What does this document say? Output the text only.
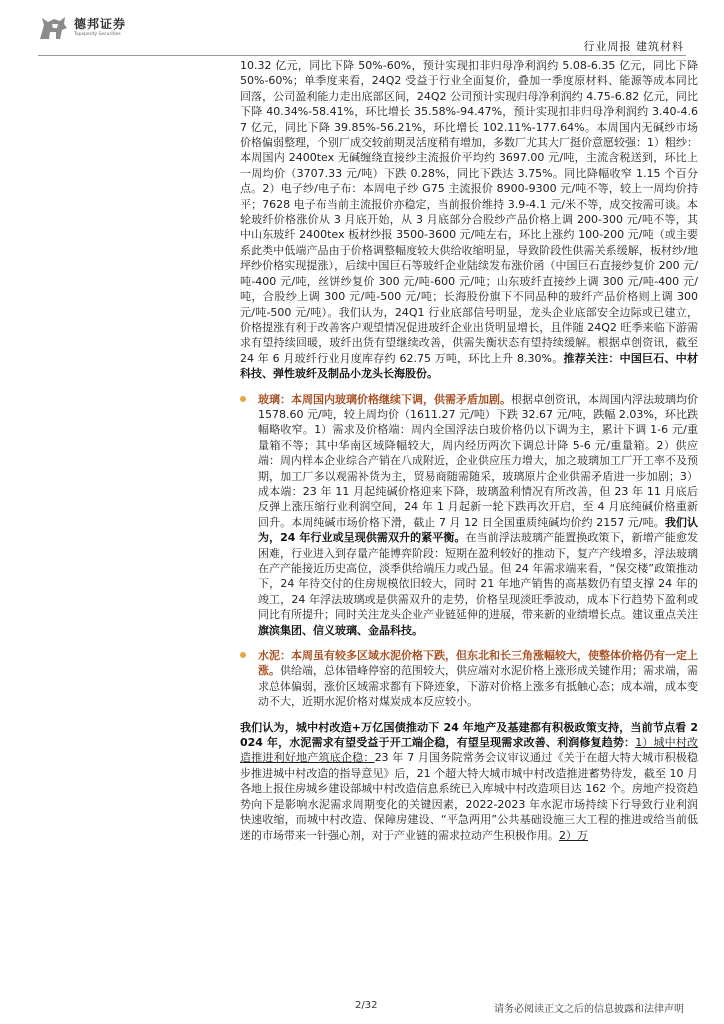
德邦证券
Topsperity Securities
行业周报 建筑材料

10.32 亿元，同比下降 50%-60%，预计实现扣非归母净利润约 5.08-6.35 亿元，同比下降 50%-60%；单季度来看，24Q2 受益于行业全面复价，叠加一季度原材料、能源等成本同比回落，公司盈利能力走出底部区间，24Q2 公司预计实现归母净利润约 4.75-6.82 亿元，同比下降 40.34%-58.41%，环比增长 35.58%-94.47%，预计实现扣非归母净利润约 3.40-4.67 亿元，同比下降 39.85%-56.21%，环比增长 102.11%-177.64%。本周国内无碱纱市场价格偏弱整理，个别厂成交较前期灵活度稍有增加，多数厂尤其大厂挺价意愿较强：1）粗纱：本周国内 2400tex 无碱缠绕直接纱主流报价平均约 3697.00 元/吨，主流含税送到，环比上一周均价（3707.33 元/吨）下跌 0.28%，同比下跌达 3.75%。同比降幅收窄 1.15 个百分点。2）电子纱/电子布：本周电子纱 G75 主流报价 8900-9300 元/吨不等，较上一周均价持平；7628 电子布当前主流报价亦稳定，当前报价维持 3.9-4.1 元/米不等，成交按需可谈。本轮玻纤价格涨价从 3 月底开始，从 3 月底部分合股纱产品价格上调 200-300 元/吨不等，其中山东玻纤 2400tex 板材纱报 3500-3600 元/吨左右，环比上涨约 100-200 元/吨（或主要系此类中低端产品由于价格调整幅度较大供给收缩明显，导致阶段性供需关系缓解，板材纱/地坪纱价格实现提涨），后续中国巨石等玻纤企业陆续发布涨价函（中国巨石直接纱复价 200 元/吨-400 元/吨，丝饼纱复价 300 元/吨-600 元/吨；山东玻纤直接纱上调 300 元/吨-400 元/吨，合股纱上调 300 元/吨-500 元/吨；长海股份旗下不同品种的玻纤产品价格则上调 300 元/吨-500 元/吨）。我们认为，24Q1 行业底部信号明显，龙头企业底部安全边际或已建立，价格提涨有利于改善客户观望情况促进玻纤企业出货明显增长，且伴随 24Q2 旺季来临下游需求有望持续回暖，玻纤出货有望继续改善，供需失衡状态有望持续缓解。根据卓创资讯，截至 24 年 6 月玻纤行业月度库存约 62.75 万吨，环比上升 8.30%。推荐关注：中国巨石、中材科技、弹性玻纤及制品小龙头长海股份。

玻璃：本周国内玻璃价格继续下调，供需矛盾加剧。根据卓创资讯，本周国内浮法玻璃均价 1578.60 元/吨，较上周均价（1611.27 元/吨）下跌 32.67 元/吨，跌幅 2.03%，环比跌幅略收窄。1）需求及价格端：周内全国浮法白玻价格仍以下调为主，累计下调 1-6 元/重量箱不等；其中华南区域降幅较大，周内经历两次下调总计降 5-6 元/重量箱。2）供应端：周内样本企业综合产销在八成附近，企业供应压力增大，加之玻璃加工厂开工率不及预期，加工厂多以观需补货为主，贸易商随需随采，玻璃原片企业供需矛盾进一步加剧；3）成本端：23 年 11 月起纯碱价格迎来下降，玻璃盈利情况有所改善，但 23 年 11 月底后反弹上涨压缩行业利润空间，24 年 1 月起新一轮下跌再次开启，至 4 月底纯碱价格重新回升。本周纯碱市场价格下滑，截止 7 月 12 日全国重质纯碱均价约 2157 元/吨。我们认为，24 年行业或呈现供需双升的紧平衡。在当前浮法玻璃产能置换政策下，新增产能愈发困难，行业进入到存量产能博弈阶段：短期在盈利较好的推动下，复产产线增多，浮法玻璃在产产能接近历史高位，淡季供给端压力或凸显。但 24 年需求端来看，“保交楼”政策推动下，24 年待交付的住房规模依旧较大，同时 21 年地产销售的高基数仍有望支撑 24 年的竣工，24 年浮法玻璃或是供需双升的走势，价格呈现淡旺季波动，成本下行趋势下盈利或同比有所提升；同时关注龙头企业产业链延伸的进展，带来新的业绩增长点。建议重点关注旗滨集团、信义玻璃、金晶科技。

水泥：本周虽有较多区域水泥价格下跌，但东北和长三角涨幅较大，使整体价格仍有一定上涨。供给端，总体错峰停窑的范围较大，供应端对水泥价格上涨形成关键作用；需求端，需求总体偏弱，涨价区域需求都有下降迹象，下游对价格上涨多有抵触心态；成本端，成本变动不大，近期水泥价格对煤炭成本反应较小。

我们认为，城中村改造+万亿国债推动下 24 年地产及基建都有积极政策支持，当前节点看 2024 年，水泥需求有望受益于开工端企稳，有望呈现需求改善、利润修复趋势：1）城中村改造推进利好地产筑底企稳：23 年 7 月国务院常务会议审议通过《关于在超大特大城市积极稳步推进城中村改造的指导意见》后，21 个超大特大城市城中村改造推进蓄势待发，截至 10 月各地上报住房城乡建设部城中村改造信息系统已入库城中村改造项目达 162 个。房地产投资趋势向下是影响水泥需求周期变化的关键因素，2022-2023 年水泥市场持续下行导致行业利润快速收缩，而城中村改造、保障房建设、“平急两用”公共基础设施三大工程的推进或给当前低迷的市场带来一针强心剂，对于产业链的需求拉动产生积极作用。2）万

2/32	请务必阅读正文之后的信息披露和法律声明
